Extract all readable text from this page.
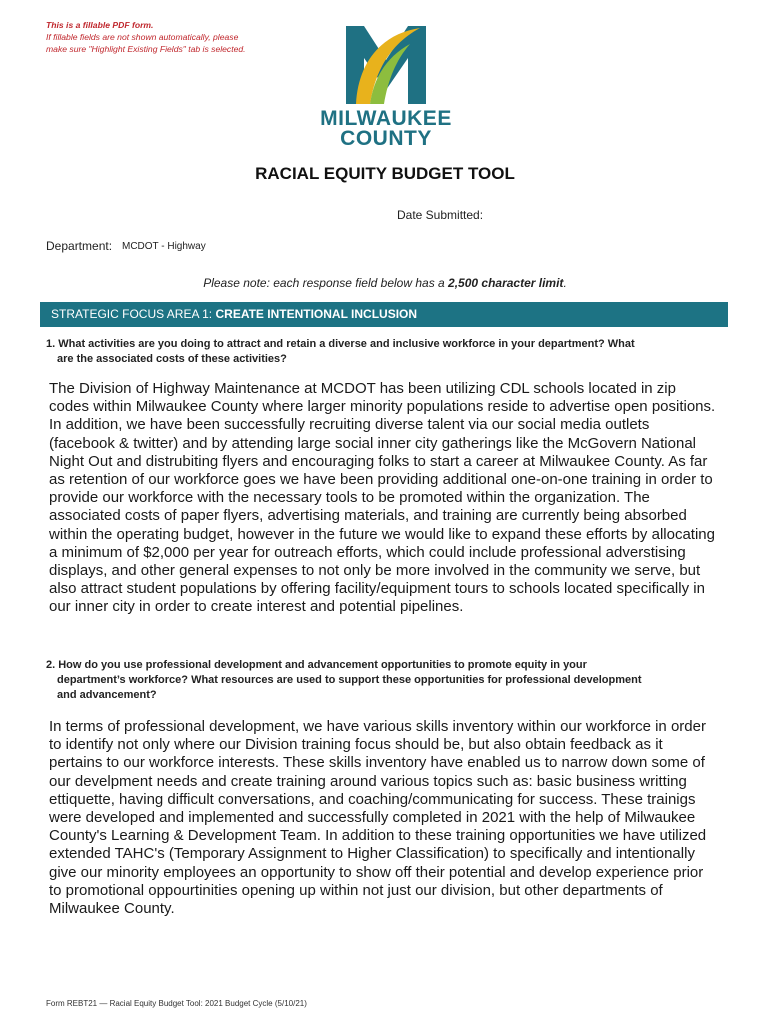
This is a fillable PDF form.
If fillable fields are not shown automatically, please
make sure "Highlight Existing Fields" tab is selected.
MILWAUKEE
COUNTY
RACIAL EQUITY BUDGET TOOL
Date Submitted:
Department: MCDOT - Highway
Please note: each response field below has a 2,500 character limit.
STRATEGIC FOCUS AREA 1: CREATE INTENTIONAL INCLUSION
1. What activities are you doing to attract and retain a diverse and inclusive workforce in your department? What
are the associated costs of these activities?
The Division of Highway Maintenance at MCDOT has been utilizing CDL schools located in zip
codes within Milwaukee County where larger minority populations reside to advertise open positions.
In addition, we have been successfully recruiting diverse talent via our social media outlets
(facebook & twitter) and by attending large social inner city gatherings like the McGovern National
Night Out and distrubiting flyers and encouraging folks to start a career at Milwaukee County. As far
as retention of our workforce goes we have been providing additional one-on-one training in order to
provide our workforce with the necessary tools to be promoted within the organization. The
associated costs of paper flyers, advertising materials, and training are currently being absorbed
within the operating budget, however in the future we would like to expand these efforts by allocating
a minimum of $2,000 per year for outreach efforts, which could include professional adverstising
displays, and other general expenses to not only be more involved in the community we serve, but
also attract student populations by offering facility/equipment tours to schools located specifically in
our inner city in order to create interest and potential pipelines.
2. How do you use professional development and advancement opportunities to promote equity in your
department’s workforce? What resources are used to support these opportunities for professional development
and advancement?
In terms of professional development, we have various skills inventory within our workforce in order
to identify not only where our Division training focus should be, but also obtain feedback as it
pertains to our workforce interests. These skills inventory have enabled us to narrow down some of
our develpment needs and create training around various topics such as: basic business writting
ettiquette, having difficult conversations, and coaching/communicating for success. These trainigs
were developed and implemented and successfully completed in 2021 with the help of Milwaukee
County's Learning & Development Team. In addition to these training opportunities we have utilized
extended TAHC's (Temporary Assignment to Higher Classification) to specifically and intentionally
give our minority employees an opportunity to show off their potential and develop experience prior
to promotional oppourtinities opening up within not just our division, but other departments of
Milwaukee County.
Form REBT21 — Racial Equity Budget Tool: 2021 Budget Cycle (5/10/21)
